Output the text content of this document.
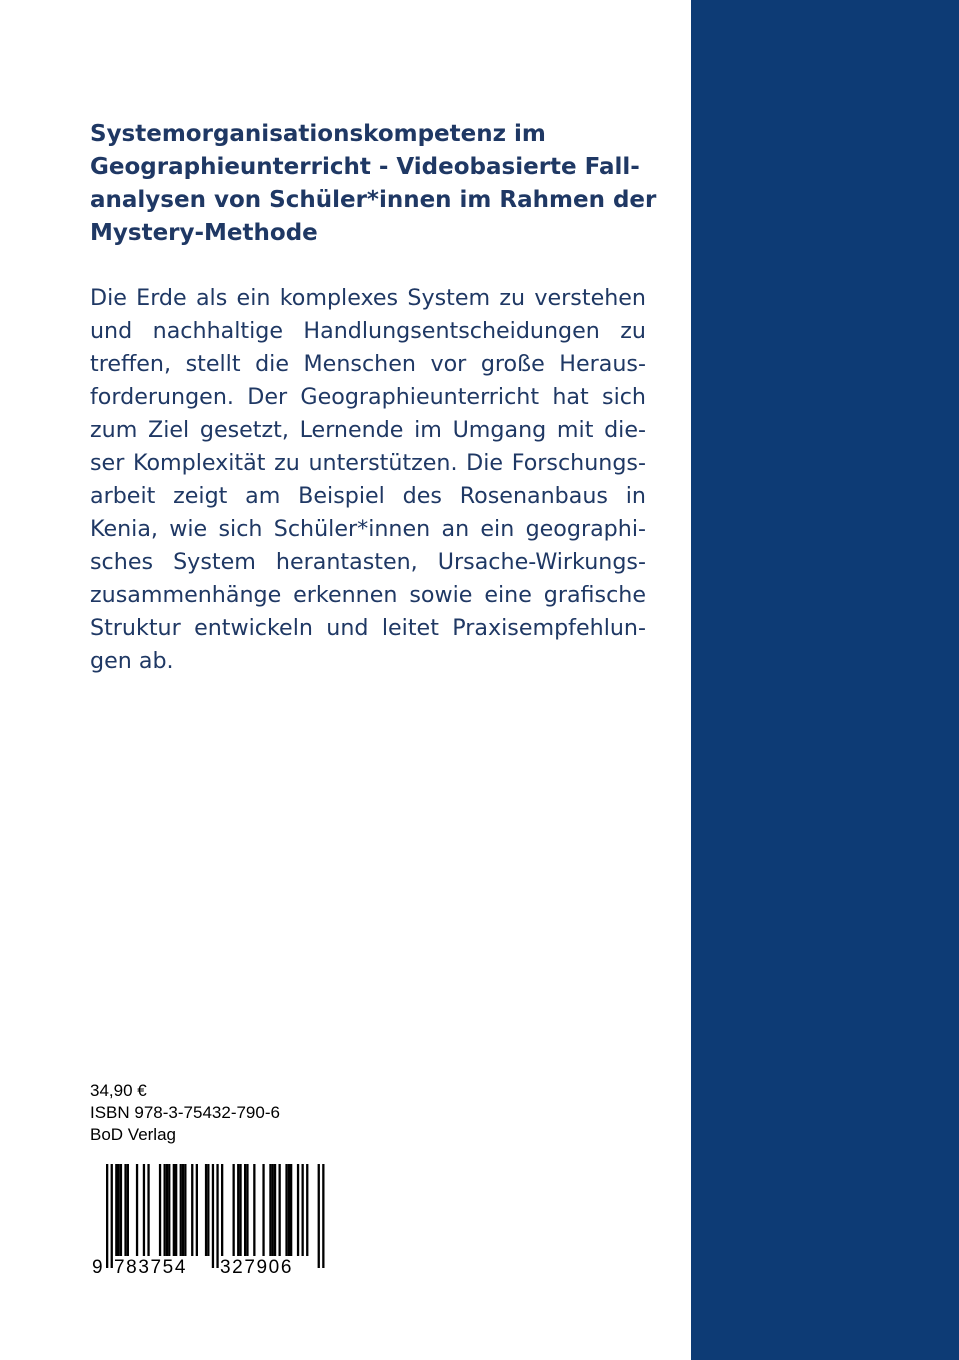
Systemorganisationskompetenz im
Geographieunterricht - Videobasierte Fall-
analysen von Schüler*innen im Rahmen der
Mystery-Methode
Die Erde als ein komplexes System zu verstehen
und nachhaltige Handlungsentscheidungen zu
treffen, stellt die Menschen vor große Heraus-
forderungen. Der Geographieunterricht hat sich
zum Ziel gesetzt, Lernende im Umgang mit die-
ser Komplexität zu unterstützen. Die Forschungs-
arbeit zeigt am Beispiel des Rosenanbaus in
Kenia, wie sich Schüler*innen an ein geographi-
sches System herantasten, Ursache-Wirkungs-
zusammenhänge erkennen sowie eine grafische
Struktur entwickeln und leitet Praxisempfehlun-
gen ab.
34,90 €
ISBN 978-3-75432-790-6
BoD Verlag
9 783754 327906
